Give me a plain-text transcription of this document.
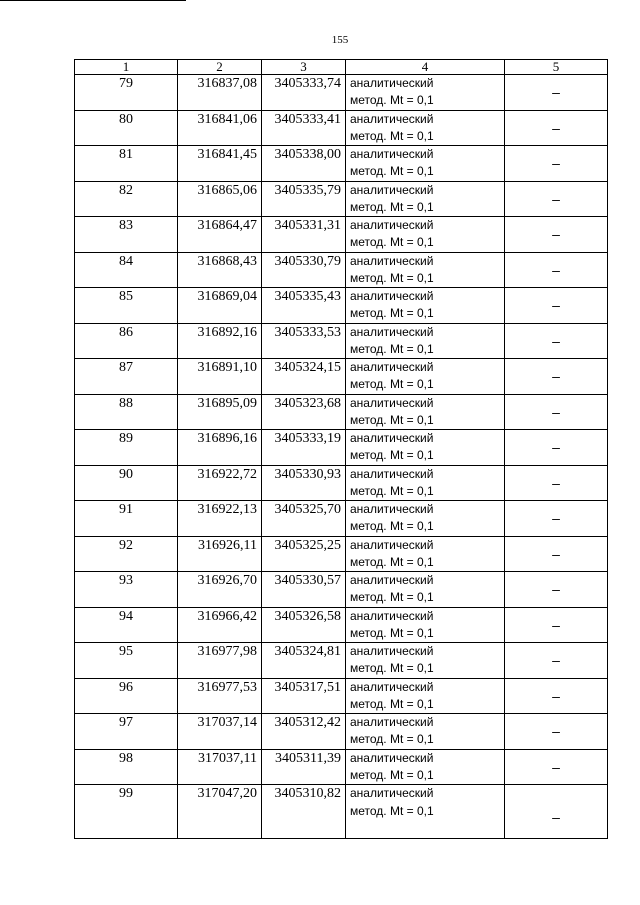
155
1	2	3	4	5
79	316837,08	3405333,74	аналитический
метод. Mt = 0,1	–
80	316841,06	3405333,41	аналитический
метод. Mt = 0,1	–
81	316841,45	3405338,00	аналитический
метод. Mt = 0,1	–
82	316865,06	3405335,79	аналитический
метод. Mt = 0,1	–
83	316864,47	3405331,31	аналитический
метод. Mt = 0,1	–
84	316868,43	3405330,79	аналитический
метод. Mt = 0,1	–
85	316869,04	3405335,43	аналитический
метод. Mt = 0,1	–
86	316892,16	3405333,53	аналитический
метод. Mt = 0,1	–
87	316891,10	3405324,15	аналитический
метод. Mt = 0,1	–
88	316895,09	3405323,68	аналитический
метод. Mt = 0,1	–
89	316896,16	3405333,19	аналитический
метод. Mt = 0,1	–
90	316922,72	3405330,93	аналитический
метод. Mt = 0,1	–
91	316922,13	3405325,70	аналитический
метод. Mt = 0,1	–
92	316926,11	3405325,25	аналитический
метод. Mt = 0,1	–
93	316926,70	3405330,57	аналитический
метод. Mt = 0,1	–
94	316966,42	3405326,58	аналитический
метод. Mt = 0,1	–
95	316977,98	3405324,81	аналитический
метод. Mt = 0,1	–
96	316977,53	3405317,51	аналитический
метод. Mt = 0,1	–
97	317037,14	3405312,42	аналитический
метод. Mt = 0,1	–
98	317037,11	3405311,39	аналитический
метод. Mt = 0,1	–
99	317047,20	3405310,82	аналитический
метод. Mt = 0,1	–
